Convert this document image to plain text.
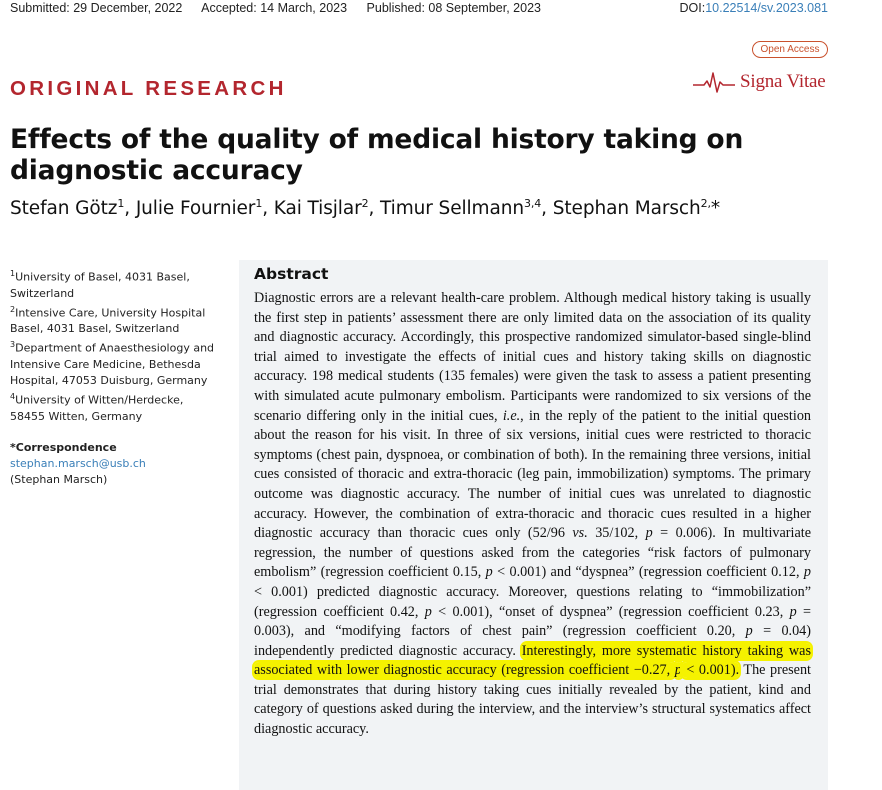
Submitted: 29 December, 2022 Accepted: 14 March, 2023 Published: 08 September, 2023	DOI:10.22514/sv.2023.081
Open Access
Signa Vitae
ORIGINAL RESEARCH
Effects of the quality of medical history taking on diagnostic accuracy
Stefan Götz$^1$, Julie Fournier$^1$, Kai Tisjlar$^2$, Timur Sellmann$^{3,4}$, Stephan Marsch$^{2,}$*
$^1$University of Basel, 4031 Basel, Switzerland
$^2$Intensive Care, University Hospital Basel, 4031 Basel, Switzerland
$^3$Department of Anaesthesiology and Intensive Care Medicine, Bethesda Hospital, 47053 Duisburg, Germany
$^4$University of Witten/Herdecke, 58455 Witten, Germany
*Correspondence
stephan.marsch@usb.ch
(Stephan Marsch)
Abstract
Diagnostic errors are a relevant health-care problem. Although medical history taking is usually the first step in patients’ assessment there are only limited data on the association of its quality and diagnostic accuracy. Accordingly, this prospective randomized simulator-based single-blind trial aimed to investigate the effects of initial cues and history taking skills on diagnostic accuracy. 198 medical students (135 females) were given the task to assess a patient presenting with simulated acute pulmonary embolism. Participants were randomized to six versions of the scenario differing only in the initial cues, i.e., in the reply of the patient to the initial question about the reason for his visit. In three of six versions, initial cues were restricted to thoracic symptoms (chest pain, dyspnoea, or combination of both). In the remaining three versions, initial cues consisted of thoracic and extra-thoracic (leg pain, immobilization) symptoms. The primary outcome was diagnostic accuracy. The number of initial cues was unrelated to diagnostic accuracy. However, the combination of extra-thoracic and thoracic cues resulted in a higher diagnostic accuracy than thoracic cues only (52/96 vs. 35/102, p = 0.006). In multivariate regression, the number of questions asked from the categories “risk factors of pulmonary embolism” (regression coefficient 0.15, p < 0.001) and “dyspnea” (regression coefficient 0.12, p < 0.001) predicted diagnostic accuracy. Moreover, questions relating to “immobilization” (regression coefficient 0.42, p < 0.001), “onset of dyspnea” (regression coefficient 0.23, p = 0.003), and “modifying factors of chest pain” (regression coefficient 0.20, p = 0.04) independently predicted diagnostic accuracy. Interestingly, more systematic history taking was associated with lower diagnostic accuracy (regression coefficient −0.27, p < 0.001). The present trial demonstrates that during history taking cues initially revealed by the patient, kind and category of questions asked during the interview, and the interview’s structural systematics affect diagnostic accuracy.
